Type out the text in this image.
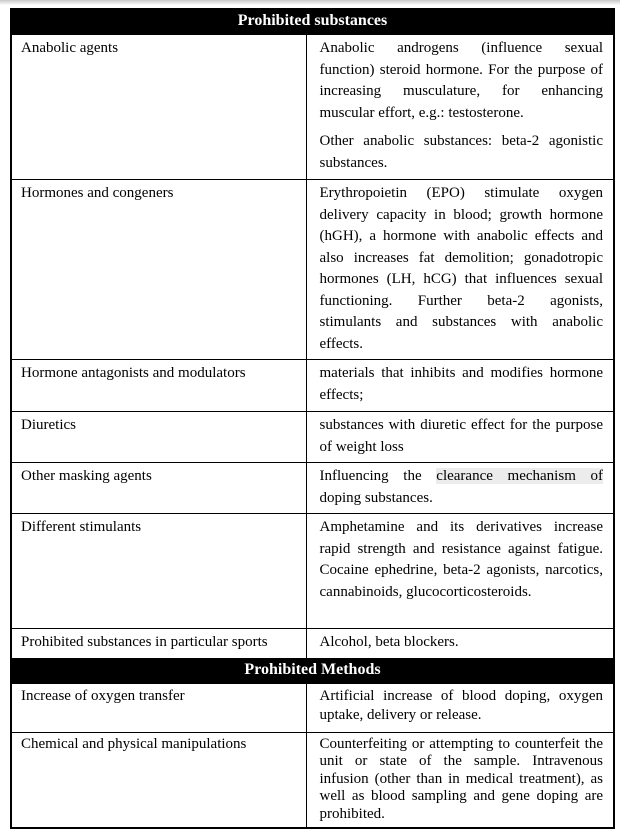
Prohibited substances	
Anabolic agents	Anabolic androgens (influence sexual function) steroid hormone. For the purpose of increasing musculature, for enhancing muscular effort, e.g.: testosterone.

Other anabolic substances: beta-2 agonistic substances.

Hormones and congeners	Erythropoietin (EPO) stimulate oxygen delivery capacity in blood; growth hormone (hGH), a hormone with anabolic effects and also increases fat demolition; gonadotropic hormones (LH, hCG) that influences sexual functioning. Further beta-2 agonists, stimulants and substances with anabolic effects.

Hormone antagonists and modulators	materials that inhibits and modifies hormone effects;

Diuretics	substances with diuretic effect for the purpose of weight loss

Other masking agents	Influencing the clearance mechanism of doping substances.

Different stimulants	Amphetamine and its derivatives increase rapid strength and resistance against fatigue. Cocaine ephedrine, beta-2 agonists, narcotics, cannabinoids, glucocorticosteroids.

Prohibited substances in particular sports	Alcohol, beta blockers.

Prohibited Methods	
Increase of oxygen transfer	Artificial increase of blood doping, oxygen uptake, delivery or release.

Chemical and physical manipulations	Counterfeiting or attempting to counterfeit the unit or state of the sample. Intravenous infusion (other than in medical treatment), as well as blood sampling and gene doping are prohibited.
